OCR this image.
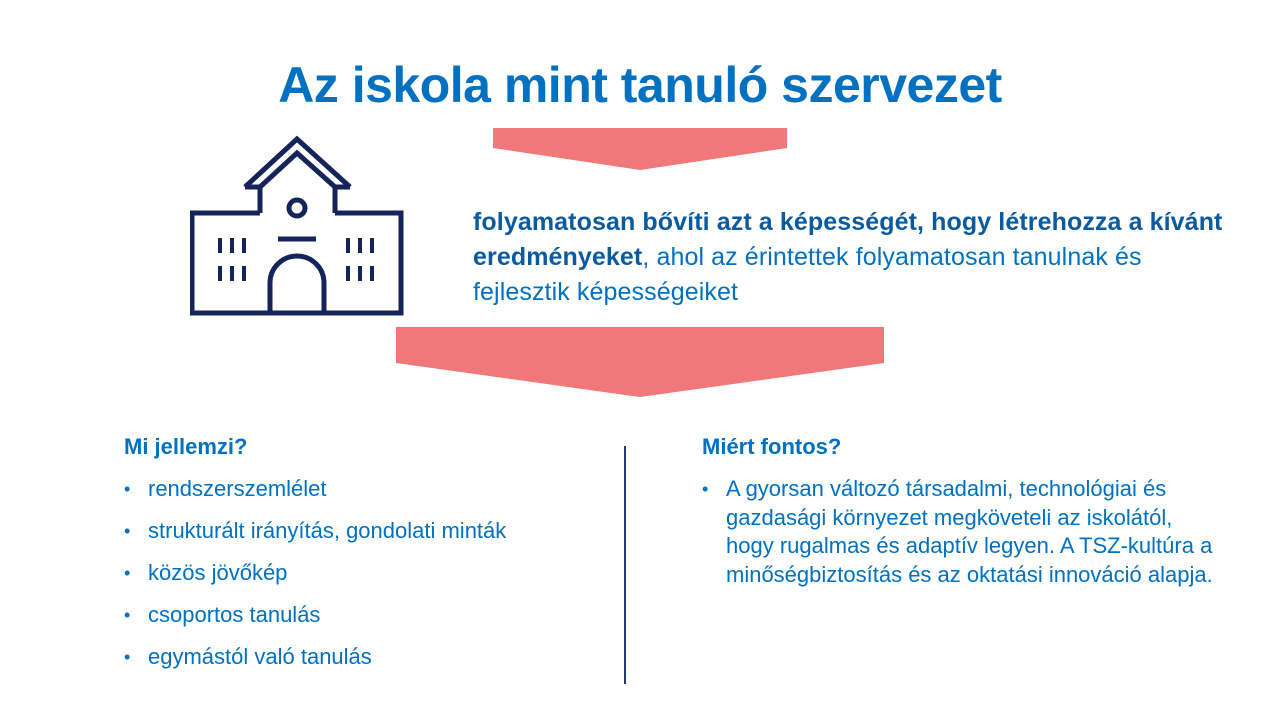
Az iskola mint tanuló szervezet

folyamatosan bővíti azt a képességét, hogy létrehozza a kívánt eredményeket, ahol az érintettek folyamatosan tanulnak és fejlesztik képességeiket

Mi jellemzi?
• rendszerszemlélet
• strukturált irányítás, gondolati minták
• közös jövőkép
• csoportos tanulás
• egymástól való tanulás
Miért fontos?
• A gyorsan változó társadalmi, technológiai és gazdasági környezet megköveteli az iskolától, hogy rugalmas és adaptív legyen. A TSZ-kultúra a minőségbiztosítás és az oktatási innováció alapja.
